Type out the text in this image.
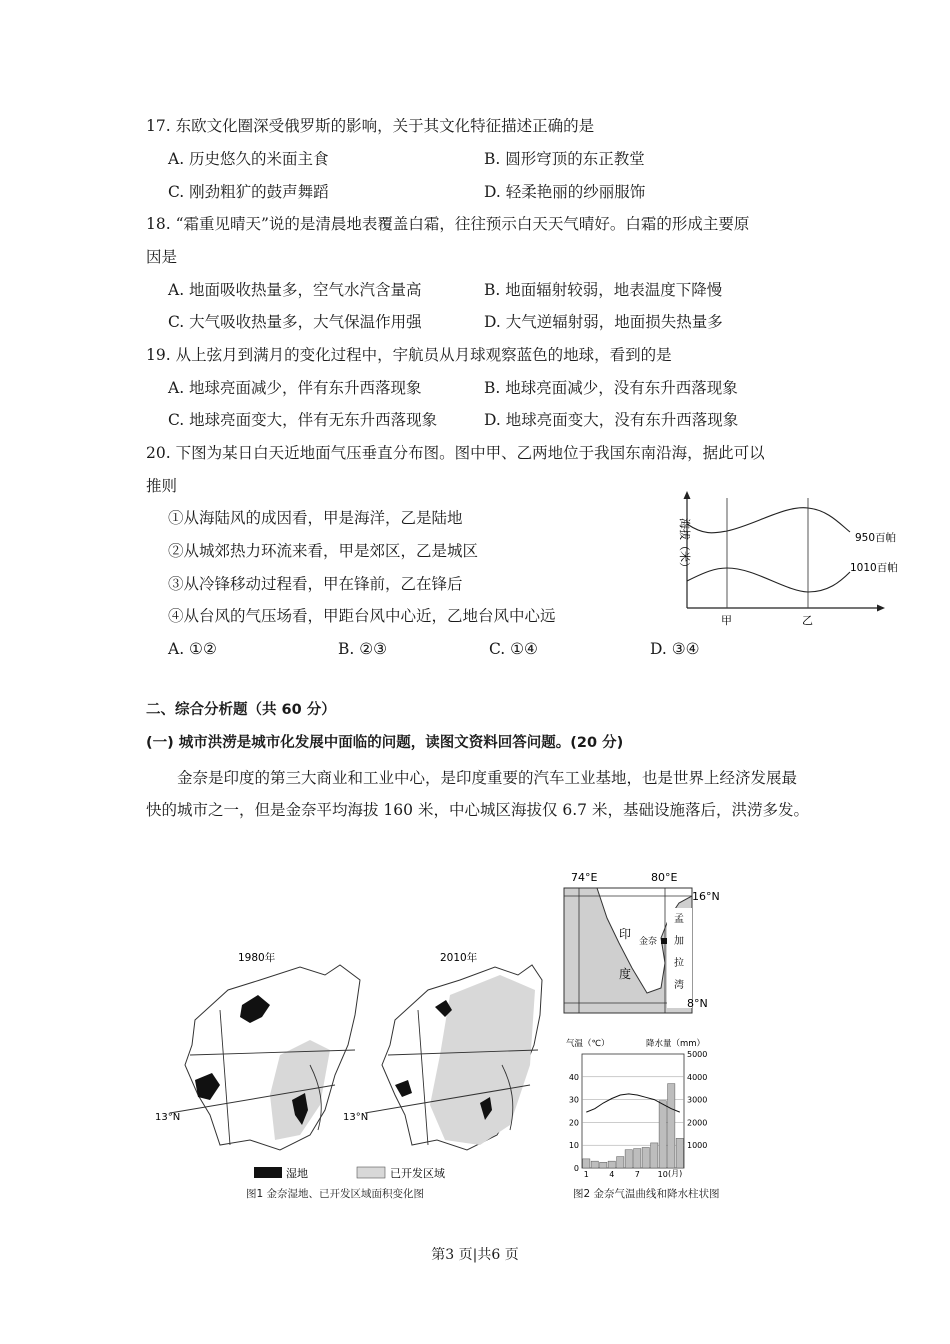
17. 东欧文化圈深受俄罗斯的影响，关于其文化特征描述正确的是
A. 历史悠久的米面主食	B. 圆形穹顶的东正教堂
C. 刚劲粗犷的鼓声舞蹈	D. 轻柔艳丽的纱丽服饰
18. “霜重见晴天”说的是清晨地表覆盖白霜，往往预示白天天气晴好。白霜的形成主要原
因是
A. 地面吸收热量多，空气水汽含量高	B. 地面辐射较弱，地表温度下降慢
C. 大气吸收热量多，大气保温作用强	D. 大气逆辐射弱，地面损失热量多
19. 从上弦月到满月的变化过程中，宇航员从月球观察蓝色的地球，看到的是
A. 地球亮面减少，伴有东升西落现象	B. 地球亮面减少，没有东升西落现象
C. 地球亮面变大，伴有无东升西落现象	D. 地球亮面变大，没有东升西落现象
20. 下图为某日白天近地面气压垂直分布图。图中甲、乙两地位于我国东南沿海，据此可以
推则
①从海陆风的成因看，甲是海洋，乙是陆地
②从城郊热力环流来看，甲是郊区，乙是城区
③从冷锋移动过程看，甲在锋前，乙在锋后
④从台风的气压场看，甲距台风中心近，乙地台风中心远
A. ①②	B. ②③	C. ①④	D. ③④
海拔（米）	950百帕
1010百帕
甲	乙
二、综合分析题（共 60 分）
(一) 城市洪涝是城市化发展中面临的问题，读图文资料回答问题。(20 分)
金奈是印度的第三大商业和工业中心，是印度重要的汽车工业基地，也是世界上经济发展最快的城市之一，但是金奈平均海拔 160 米，中心城区海拔仅 6.7 米，基础设施落后，洪涝多发。
1980年
13°N
2010年
13°N
湿地	已开发区域
图1 金奈湿地、已开发区域面积变化图
74°E	80°E
16°N
8°N
印
度
金奈
孟
加
拉
湾
气温（℃）	降水量（mm）
0
10
20
30
40
1000
2000
3000
4000
5000
1	4	7 10 (月)
图2 金奈气温曲线和降水柱状图
第3 页|共6 页
